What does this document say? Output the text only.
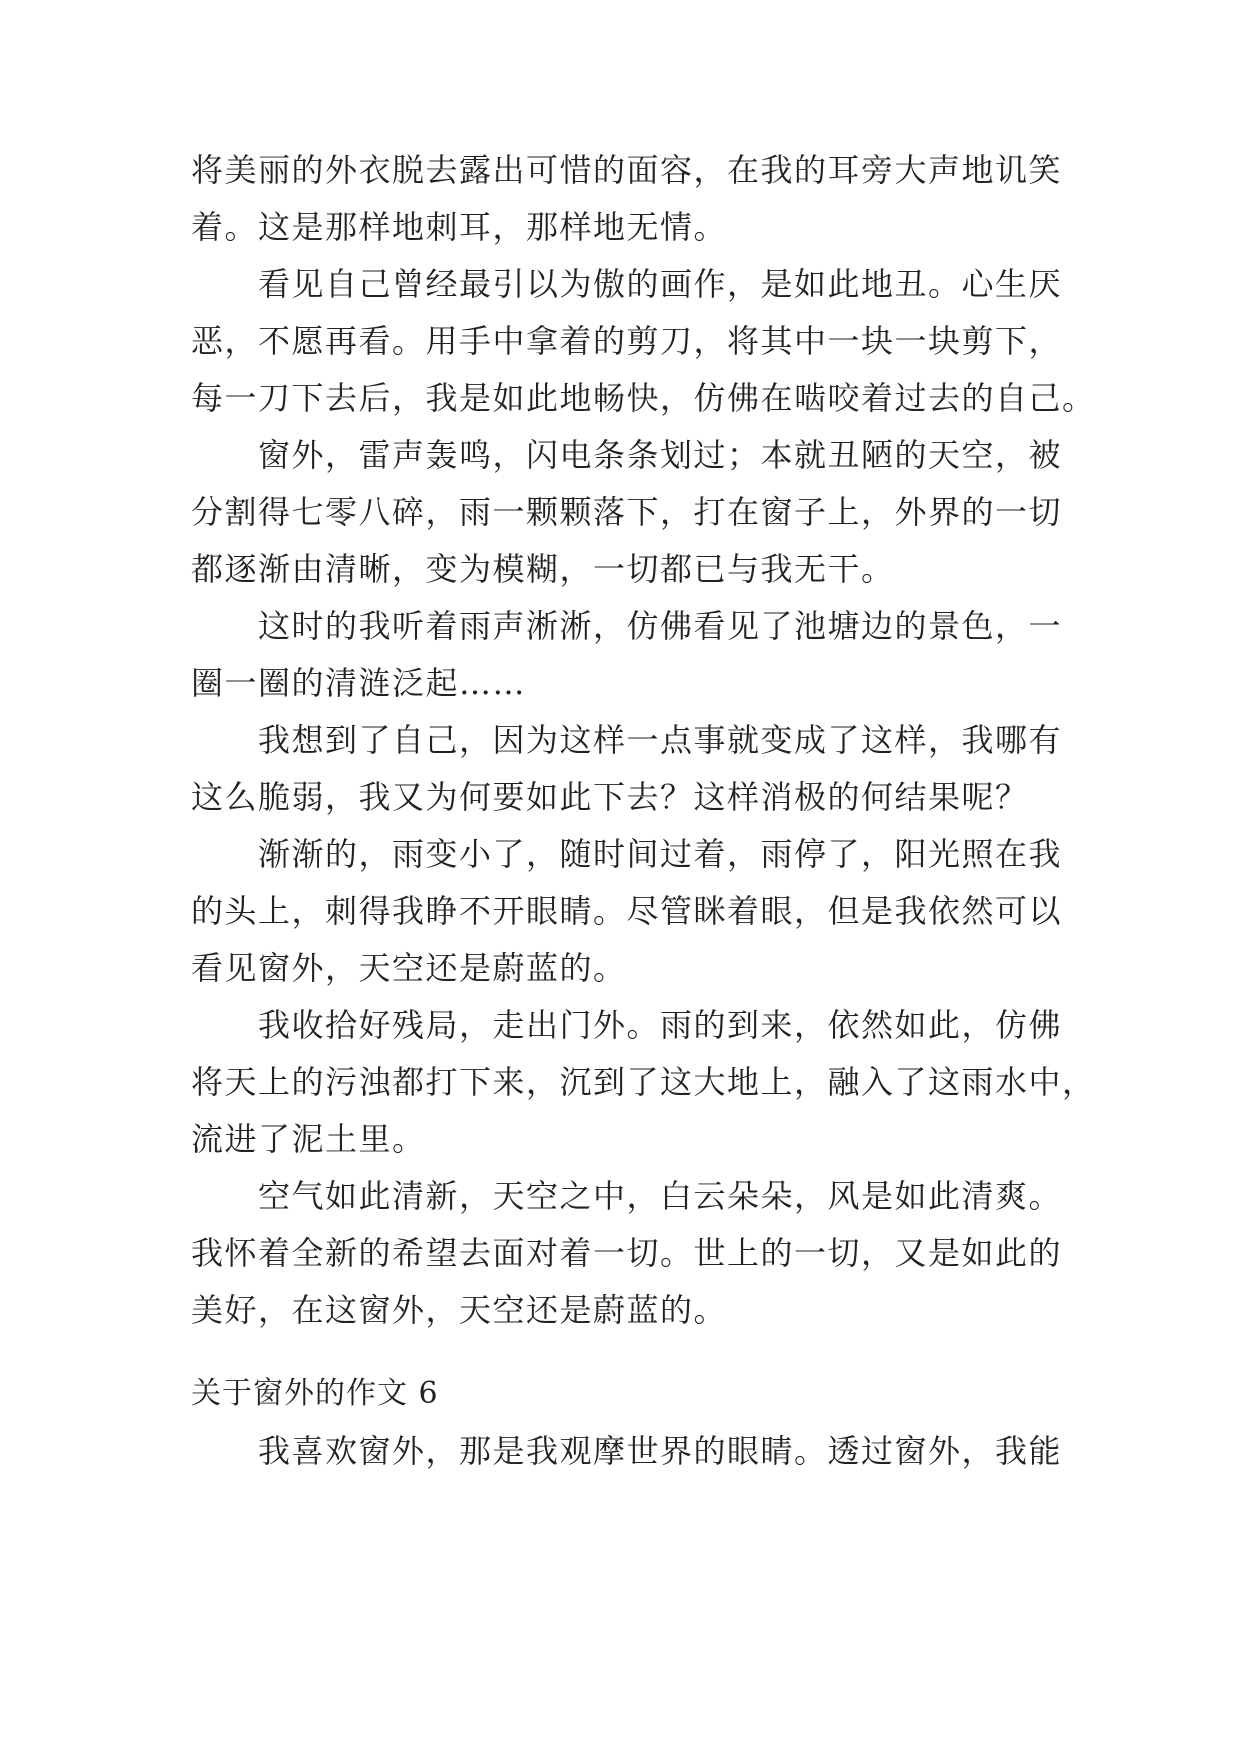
将美丽的外衣脱去露出可惜的面容，在我的耳旁大声地讥笑
着。这是那样地刺耳，那样地无情。
看见自己曾经最引以为傲的画作，是如此地丑。心生厌
恶，不愿再看。用手中拿着的剪刀，将其中一块一块剪下，
每一刀下去后，我是如此地畅快，仿佛在啮咬着过去的自己。
窗外，雷声轰鸣，闪电条条划过；本就丑陋的天空，被
分割得七零八碎，雨一颗颗落下，打在窗子上，外界的一切
都逐渐由清晰，变为模糊，一切都已与我无干。
这时的我听着雨声淅淅，仿佛看见了池塘边的景色，一
圈一圈的清涟泛起……
我想到了自己，因为这样一点事就变成了这样，我哪有
这么脆弱，我又为何要如此下去？这样消极的何结果呢？
渐渐的，雨变小了，随时间过着，雨停了，阳光照在我
的头上，刺得我睁不开眼睛。尽管眯着眼，但是我依然可以
看见窗外，天空还是蔚蓝的。
我收拾好残局，走出门外。雨的到来，依然如此，仿佛
将天上的污浊都打下来，沉到了这大地上，融入了这雨水中，
流进了泥土里。
空气如此清新，天空之中，白云朵朵，风是如此清爽。
我怀着全新的希望去面对着一切。世上的一切，又是如此的
美好，在这窗外，天空还是蔚蓝的。
关于窗外的作文 6
我喜欢窗外，那是我观摩世界的眼睛。透过窗外，我能
